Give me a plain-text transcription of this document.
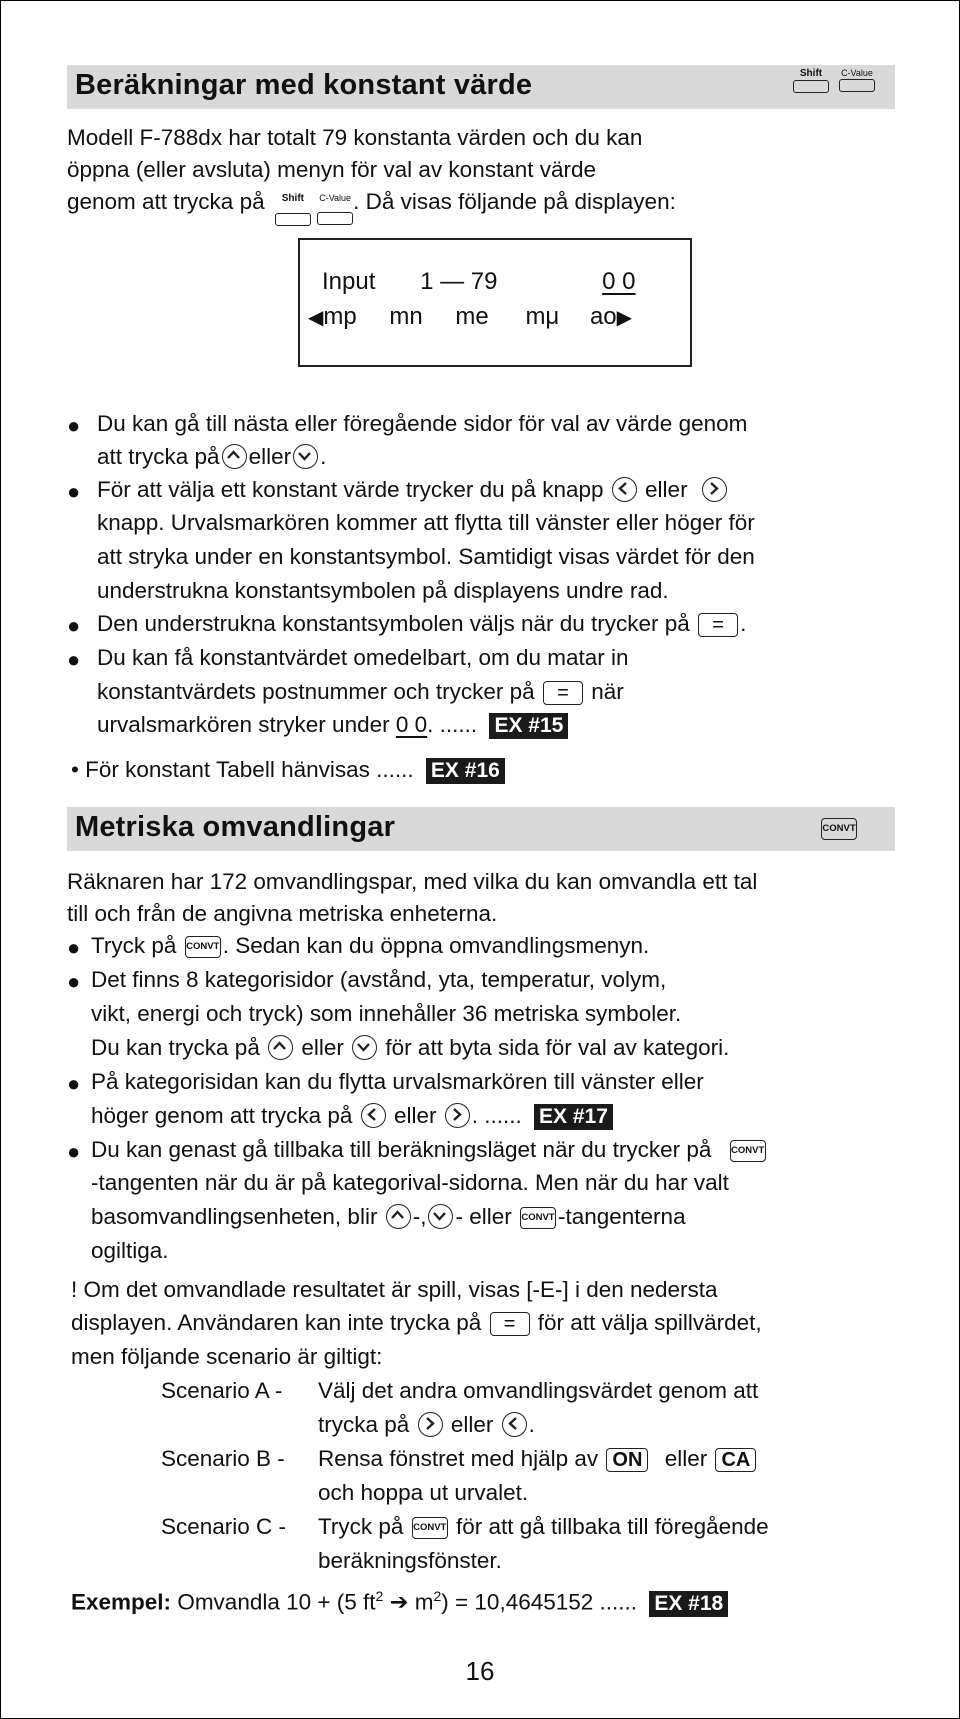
Beräkningar med konstant värde	Shift	C-Value
Modell F-788dx har totalt 79 konstanta värden och du kan
öppna (eller avsluta) menyn för val av konstant värde
genom att trycka på	Shift
	C-Value . Då visas följande på displayen:
Input 1 — 79	0 0
◀mp mn me mμ ao▶
● Du kan gå till nästa eller föregående sidor för val av värde genom
att trycka på eller .
● För att välja ett konstant värde trycker du på knapp eller
knapp. Urvalsmarkören kommer att flytta till vänster eller höger för
att stryka under en konstantsymbol. Samtidigt visas värdet för den
understrukna konstantsymbolen på displayens undre rad.
● Den understrukna konstantsymbolen väljs när du trycker på = .
● Du kan få konstantvärdet omedelbart, om du matar in
konstantvärdets postnummer och trycker på = när
urvalsmarkören stryker under 0 0. ...... EX #15
• För konstant Tabell hänvisas ...... EX #16
Metriska omvandlingar	CONVT
Räknaren har 172 omvandlingspar, med vilka du kan omvandla ett tal
till och från de angivna metriska enheterna.
● Tryck på CONVT . Sedan kan du öppna omvandlingsmenyn.
● Det finns 8 kategorisidor (avstånd, yta, temperatur, volym,
vikt, energi och tryck) som innehåller 36 metriska symboler.
Du kan trycka på eller för att byta sida för val av kategori.
● På kategorisidan kan du flytta urvalsmarkören till vänster eller
höger genom att trycka på eller . ...... EX #17
● Du kan genast gå tillbaka till beräkningsläget när du trycker på CONVT
-tangenten när du är på kategorival-sidorna. Men när du har valt
basomvandlingsenheten, blir -, - eller CONVT -tangenterna
ogiltiga.
! Om det omvandlade resultatet är spill, visas [-E-] i den nedersta
displayen. Användaren kan inte trycka på = för att välja spillvärdet,
men följande scenario är giltigt:
Scenario A - Välj det andra omvandlingsvärdet genom att
trycka på eller .
Scenario B - Rensa fönstret med hjälp av ON eller CA
och hoppa ut urvalet.
Scenario C - Tryck på CONVT för att gå tillbaka till föregående
beräkningsfönster.
Exempel: Omvandla 10 + (5 $ft^2$ ➔ $m^2) = 10,4645152$ ...... EX #18
16
